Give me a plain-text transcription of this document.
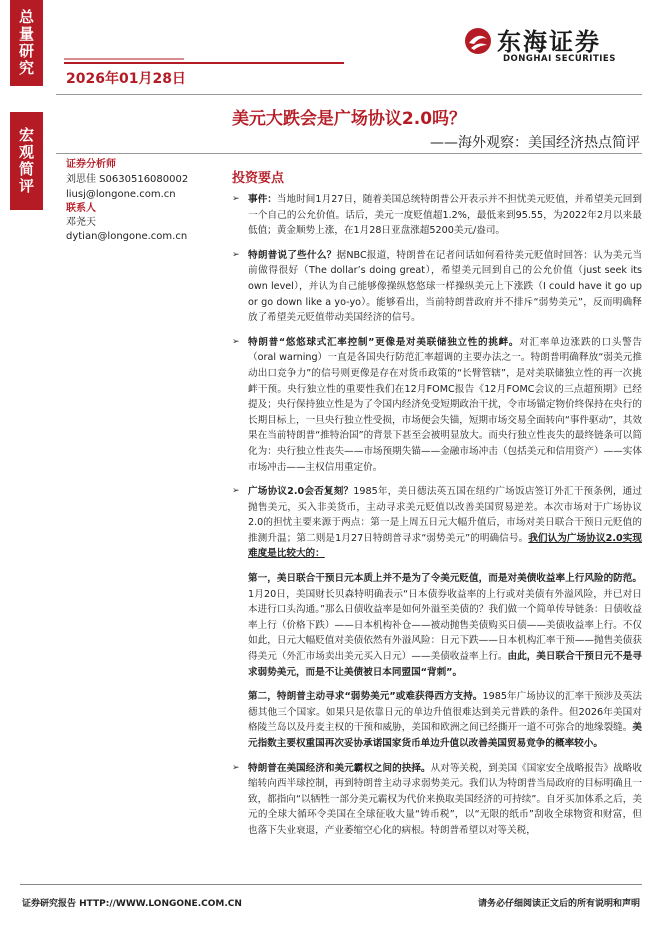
总
量
研
究
宏
观
简
评
2026年01月28日
东海证券
DONGHAI SECURITIES
美元大跌会是广场协议2.0吗？
——海外观察：美国经济热点简评
证券分析师
刘思佳 S0630516080002
liusj@longone.com.cn
联系人
邓尧天
dytian@longone.com.cn
投资要点

➢ 事件：当地时间1月27日，随着美国总统特朗普公开表示并不担忧美元贬值，并希望美元回到一个自己的公允价值。话后，美元一度贬值超1.2%，最低来到95.55，为2022年2月以来最低值；黄金顺势上涨，在1月28日亚盘涨超5200美元/盎司。

➢ 特朗普说了些什么？据NBC报道，特朗普在记者问话如何看待美元贬值时回答：认为美元当前做得很好（The dollar’s doing great），希望美元回到自己的公允价值（just seek its own level），并认为自己能够像操纵悠悠球一样操纵美元上下涨跌（I could have it go up or go down like a yo-yo）。能够看出，当前特朗普政府并不排斥“弱势美元”，反而明确释放了希望美元贬值带动美国经济的信号。

➢ 特朗普“悠悠球式汇率控制”更像是对美联储独立性的挑衅。对汇率单边涨跌的口头警告（oral warning）一直是各国央行防范汇率超调的主要办法之一。特朗普明确释放“弱美元推动出口竞争力”的信号则更像是存在对货币政策的“长臂管辖”，是对美联储独立性的再一次挑衅干预。央行独立性的重要性我们在12月FOMC报告《12月FOMC会议的三点超预期》已经提及；央行保持独立性是为了令国内经济免受短期政治干扰，令市场锚定物价终保持在央行的长期目标上，一旦央行独立性受损，市场便会失锚，短期市场交易全面转向“事件驱动”，其效果在当前特朗普“推特治国”的背景下甚至会被明显放大。而央行独立性丧失的最终链条可以简化为：央行独立性丧失——市场预期失锚——金融市场冲击（包括美元和信用资产）——实体市场冲击——主权信用重定价。

➢ 广场协议2.0会否复刻？1985年，美日德法英五国在纽约广场饭店签订外汇干预条例，通过抛售美元，买入非美货币，主动寻求美元贬值以改善美国贸易逆差。本次市场对于广场协议2.0的担忧主要来源于两点：第一是上周五日元大幅升值后，市场对美日联合干预日元贬值的推测升温；第二则是1月27日特朗普寻求“弱势美元”的明确信号。我们认为广场协议2.0实现难度是比较大的：

第一，美日联合干预日元本质上并不是为了令美元贬值，而是对美债收益率上行风险的防范。1月20日，美国财长贝森特明确表示“日本债券收益率的上行或对美债有外溢风险，并已对日本进行口头沟通。”那么日债收益率是如何外溢至美债的？我们做一个简单传导链条：日债收益率上行（价格下跌）——日本机构补仓——被动抛售美债购买日债——美债收益率上行。不仅如此，日元大幅贬值对美债依然有外溢风险：日元下跌——日本机构汇率干预——抛售美债获得美元（外汇市场卖出美元买入日元）——美债收益率上行。由此，美日联合干预日元不是寻求弱势美元，而是不让美债被日本同盟国“背刺”。

第二，特朗普主动寻求“弱势美元”或难获得西方支持。1985年广场协议的汇率干预涉及英法德其他三个国家。如果只是依靠日元的单边升值很难达到美元普跌的条件。但2026年美国对格陵兰岛以及丹麦主权的干预和威胁，美国和欧洲之间已经撕开一道不可弥合的地缘裂缝。美元指数主要权重国再次妥协承诺国家货币单边升值以改善美国贸易竞争的概率较小。

➢ 特朗普在美国经济和美元霸权之间的抉择。从对等关税，到美国《国家安全战略报告》战略收缩转向西半球控制，再到特朗普主动寻求弱势美元。我们认为特朗普当局政府的目标明确且一致，都指向“以牺牲一部分美元霸权为代价来换取美国经济的可持续”。自牙买加体系之后，美元的全球大循环令美国在全球征收大量“铸币税”，以“无限的纸币”刮收全球物资和财富，但也落下失业衰退，产业萎缩空心化的病根。特朗普希望以对等关税，

证券研究报告 HTTP://WWW.LONGONE.COM.CN	请务必仔细阅读正文后的所有说明和声明
